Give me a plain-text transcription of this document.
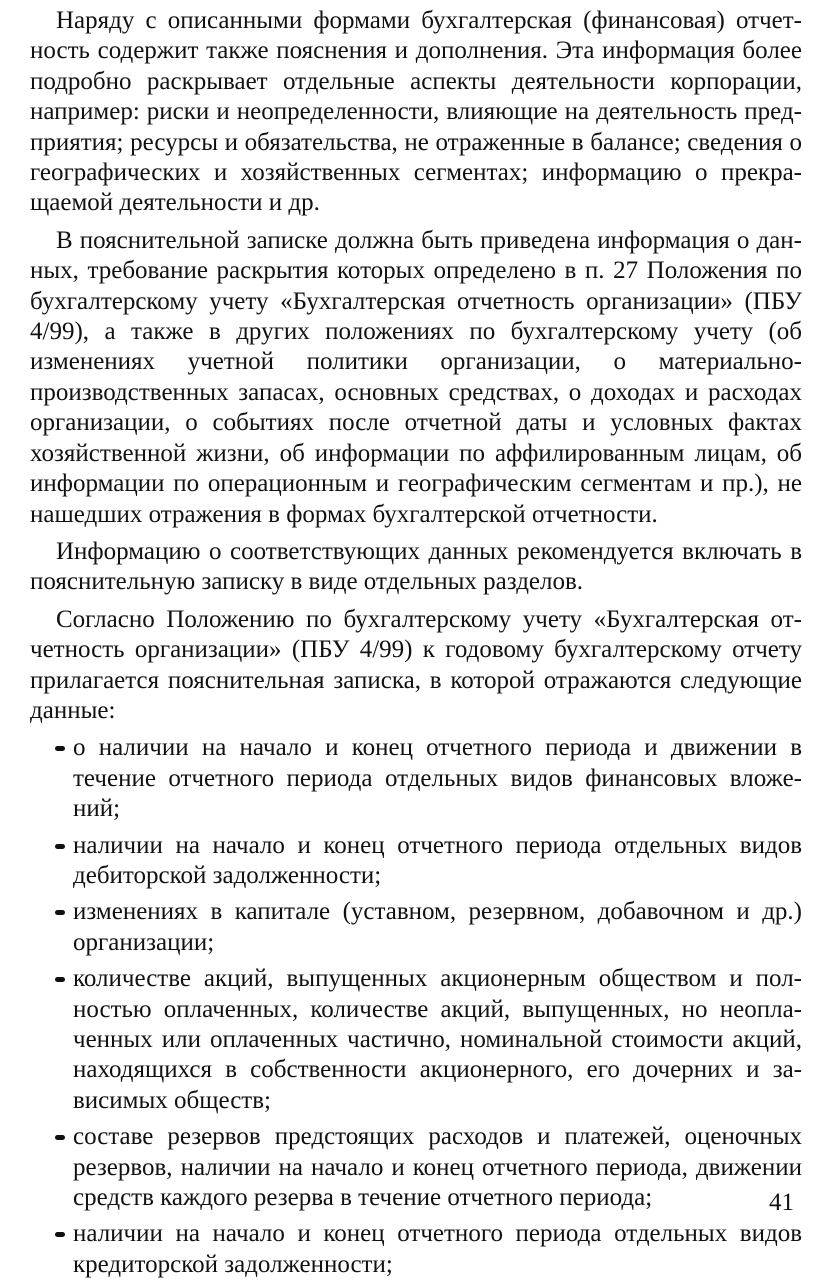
Наряду с описанными формами бухгалтерская (финансовая) отчетность содержит также пояснения и дополнения. Эта информация более подробно раскрывает отдельные аспекты деятельности корпорации, например: риски и неопределенности, влияющие на деятельность предприятия; ресурсы и обязательства, не отраженные в балансе; сведения о географических и хозяйственных сегментах; информацию о прекращаемой деятельности и др.

В пояснительной записке должна быть приведена информация о данных, требование раскрытия которых определено в п. 27 Положения по бухгалтерскому учету «Бухгалтерская отчетность организации» (ПБУ 4/99), а также в других положениях по бухгалтерскому учету (об изменениях учетной политики организации, о материально-производственных запасах, основных средствах, о доходах и расходах организации, о событиях после отчетной даты и условных фактах хозяйственной жизни, об информации по аффилированным лицам, об информации по операционным и географическим сегментам и пр.), не нашедших отражения в формах бухгалтерской отчетности.

Информацию о соответствующих данных рекомендуется включать в пояснительную записку в виде отдельных разделов.

Согласно Положению по бухгалтерскому учету «Бухгалтерская отчетность организации» (ПБУ 4/99) к годовому бухгалтерскому отчету прилагается пояснительная записка, в которой отражаются следующие данные:

о наличии на начало и конец отчетного периода и движении в течение отчетного периода отдельных видов финансовых вложений;
наличии на начало и конец отчетного периода отдельных видов дебиторской задолженности;
изменениях в капитале (уставном, резервном, добавочном и др.) организации;
количестве акций, выпущенных акционерным обществом и полностью оплаченных, количестве акций, выпущенных, но неоплаченных или оплаченных частично, номинальной стоимости акций, находящихся в собственности акционерного, его дочерних и зависимых обществ;
составе резервов предстоящих расходов и платежей, оценочных резервов, наличии на начало и конец отчетного периода, движении средств каждого резерва в течение отчетного периода;
наличии на начало и конец отчетного периода отдельных видов кредиторской задолженности;
41
